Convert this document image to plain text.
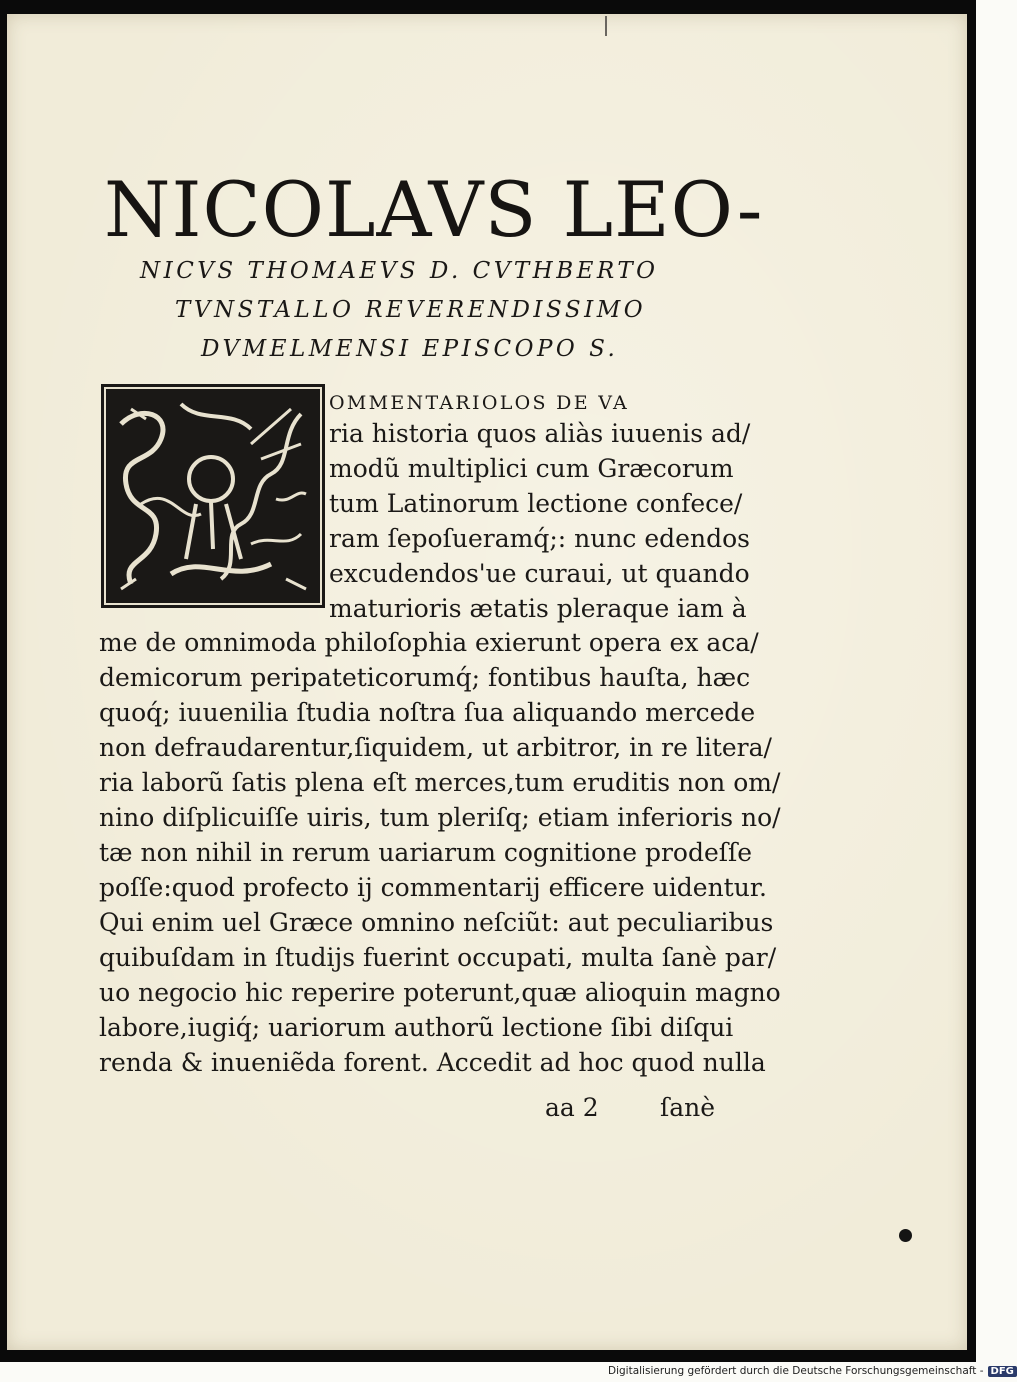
NICOLAVS LEO-

NICVS THOMAEVS D. CVTHBERTO

TVNSTALLO REVERENDISSIMO

DVMELMENSI EPISCOPO S.

OMMENTARIOLOS DE VA

ria historia quos aliàs iuuenis ad/

modũ multiplici cum Græcorum

tum Latinorum lectione confece/

ram ſepoſueramq́;: nunc edendos

excudendos'ue curaui, ut quando

maturioris ætatis pleraque iam à

me de omnimoda philoſophia exierunt opera ex aca/

demicorum peripateticorumq́; fontibus hauſta, hæc

quoq́; iuuenilia ſtudia noſtra ſua aliquando mercede

non defraudarentur,ſiquidem, ut arbitror, in re litera/

ria laborũ ſatis plena eſt merces,tum eruditis non om/

nino diſplicuiſſe uiris, tum pleriſq; etiam inferioris no/

tæ non nihil in rerum uariarum cognitione prodeſſe

poſſe:quod profecto ij commentarij efficere uidentur.

Qui enim uel Græce omnino neſciũt: aut peculiaribus

quibuſdam in ſtudijs fuerint occupati, multa ſanè par/

uo negocio hic reperire poterunt,quæ alioquin magno

labore,iugiq́; uariorum authorũ lectione ſibi diſqui

renda & inueniẽda forent. Accedit ad hoc quod nulla

aa 2	ſanè

Digitalisierung gefördert durch die Deutsche Forschungsgemeinschaft - DFG
